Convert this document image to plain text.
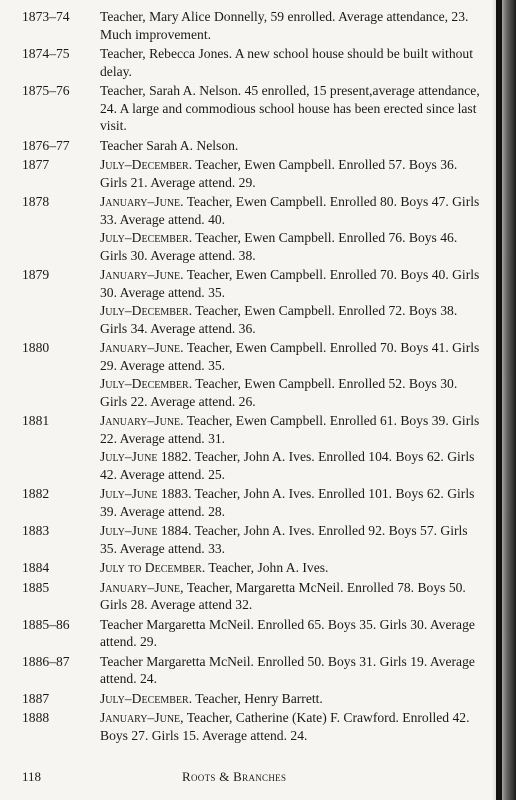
1873–74	Teacher, Mary Alice Donnelly, 59 enrolled. Average attendance, 23. Much improvement.
1874–75	Teacher, Rebecca Jones. A new school house should be built without delay.
1875–76	Teacher, Sarah A. Nelson. 45 enrolled, 15 present,average attendance, 24. A large and commodious school house has been erected since last visit.
1876–77	Teacher Sarah A. Nelson.
1877	July–December. Teacher, Ewen Campbell. Enrolled 57. Boys 36. Girls 21. Average attend. 29.
1878	January–June. Teacher, Ewen Campbell. Enrolled 80. Boys 47. Girls 33. Average attend. 40.
July–December. Teacher, Ewen Campbell. Enrolled 76. Boys 46. Girls 30. Average attend. 38.
1879	January–June. Teacher, Ewen Campbell. Enrolled 70. Boys 40. Girls 30. Average attend. 35.
July–December. Teacher, Ewen Campbell. Enrolled 72. Boys 38. Girls 34. Average attend. 36.
1880	January–June. Teacher, Ewen Campbell. Enrolled 70. Boys 41. Girls 29. Average attend. 35.
July–December. Teacher, Ewen Campbell. Enrolled 52. Boys 30. Girls 22. Average attend. 26.
1881	January–June. Teacher, Ewen Campbell. Enrolled 61. Boys 39. Girls 22. Average attend. 31.
July–June 1882. Teacher, John A. Ives. Enrolled 104. Boys 62. Girls 42. Average attend. 25.
1882	July–June 1883. Teacher, John A. Ives. Enrolled 101. Boys 62. Girls 39. Average attend. 28.
1883	July–June 1884. Teacher, John A. Ives. Enrolled 92. Boys 57. Girls 35. Average attend. 33.
1884	July to December. Teacher, John A. Ives.
1885	January–June, Teacher, Margaretta McNeil. Enrolled 78. Boys 50. Girls 28. Average attend 32.
1885–86	Teacher Margaretta McNeil. Enrolled 65. Boys 35. Girls 30. Average attend. 29.
1886–87	Teacher Margaretta McNeil. Enrolled 50. Boys 31. Girls 19. Average attend. 24.
1887	July–December. Teacher, Henry Barrett.
1888	January–June, Teacher, Catherine (Kate) F. Crawford. Enrolled 42. Boys 27. Girls 15. Average attend. 24.
118	Roots & Branches
